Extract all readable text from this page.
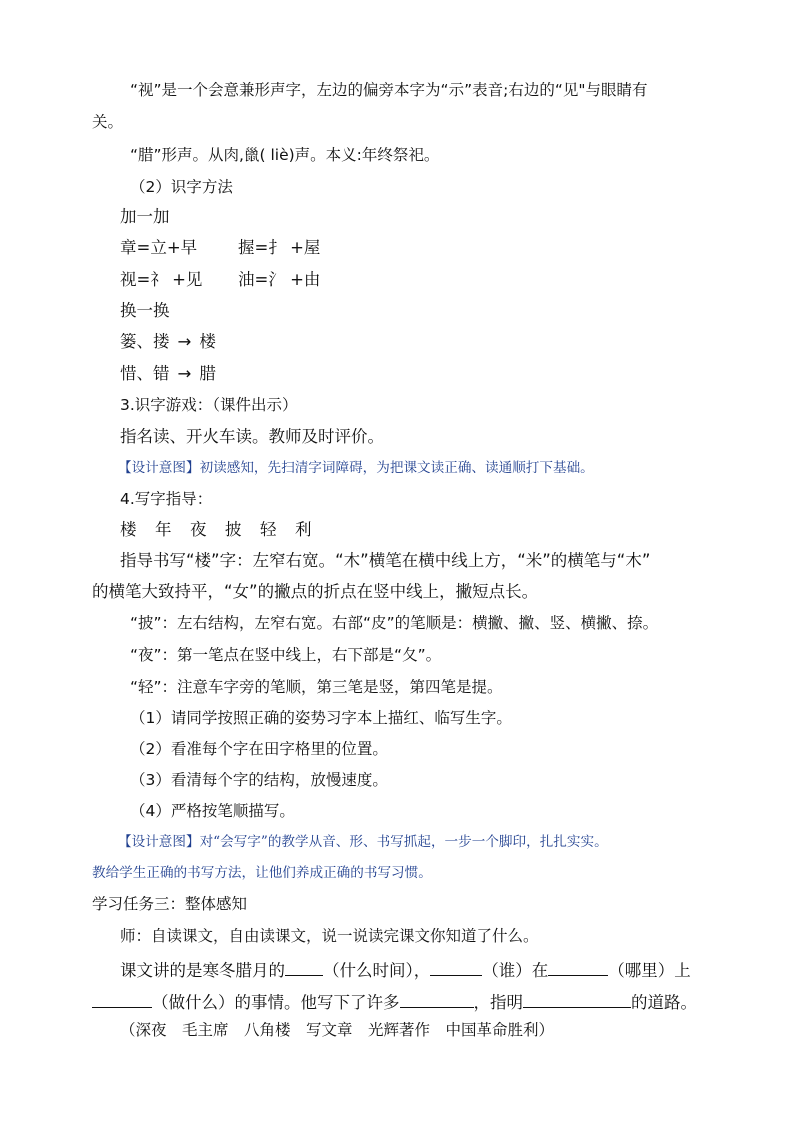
“视”是一个会意兼形声字，左边的偏旁本字为“示”表音;右边的“见"与眼睛有
关。
“腊”形声。从肉,巤( liè)声。本义:年终祭祀。
（2）识字方法
加一加
章=立+早 握=扌 +屋
视=礻 +见 油=氵 +由
换一换
篓、搂 → 楼
惜、错 → 腊
3.识字游戏：（课件出示）
指名读、开火车读。教师及时评价。
【设计意图】初读感知，先扫清字词障碍，为把课文读正确、读通顺打下基础。
4.写字指导：
楼　年　夜　披　轻　利
指导书写“楼”字：左窄右宽。“木”横笔在横中线上方，“米”的横笔与“木”
的横笔大致持平，“女”的撇点的折点在竖中线上，撇短点长。
“披”：左右结构，左窄右宽。右部“皮”的笔顺是：横撇、撇、竖、横撇、捺。
“夜”：第一笔点在竖中线上，右下部是“夂”。
“轻”：注意车字旁的笔顺，第三笔是竖，第四笔是提。
（1）请同学按照正确的姿势习字本上描红、临写生字。
（2）看准每个字在田字格里的位置。
（3）看清每个字的结构，放慢速度。
（4）严格按笔顺描写。
【设计意图】对“会写字”的教学从音、形、书写抓起，一步一个脚印，扎扎实实。
教给学生正确的书写方法，让他们养成正确的书写习惯。
学习任务三：整体感知
师：自读课文，自由读课文，说一说读完课文你知道了什么。
课文讲的是寒冬腊月的 （什么时间），	（谁）在	（哪里）上
（做什么）的事情。他写下了许多	，指明	的道路。
（深夜　毛主席　八角楼　写文章　光辉著作　中国革命胜利）
